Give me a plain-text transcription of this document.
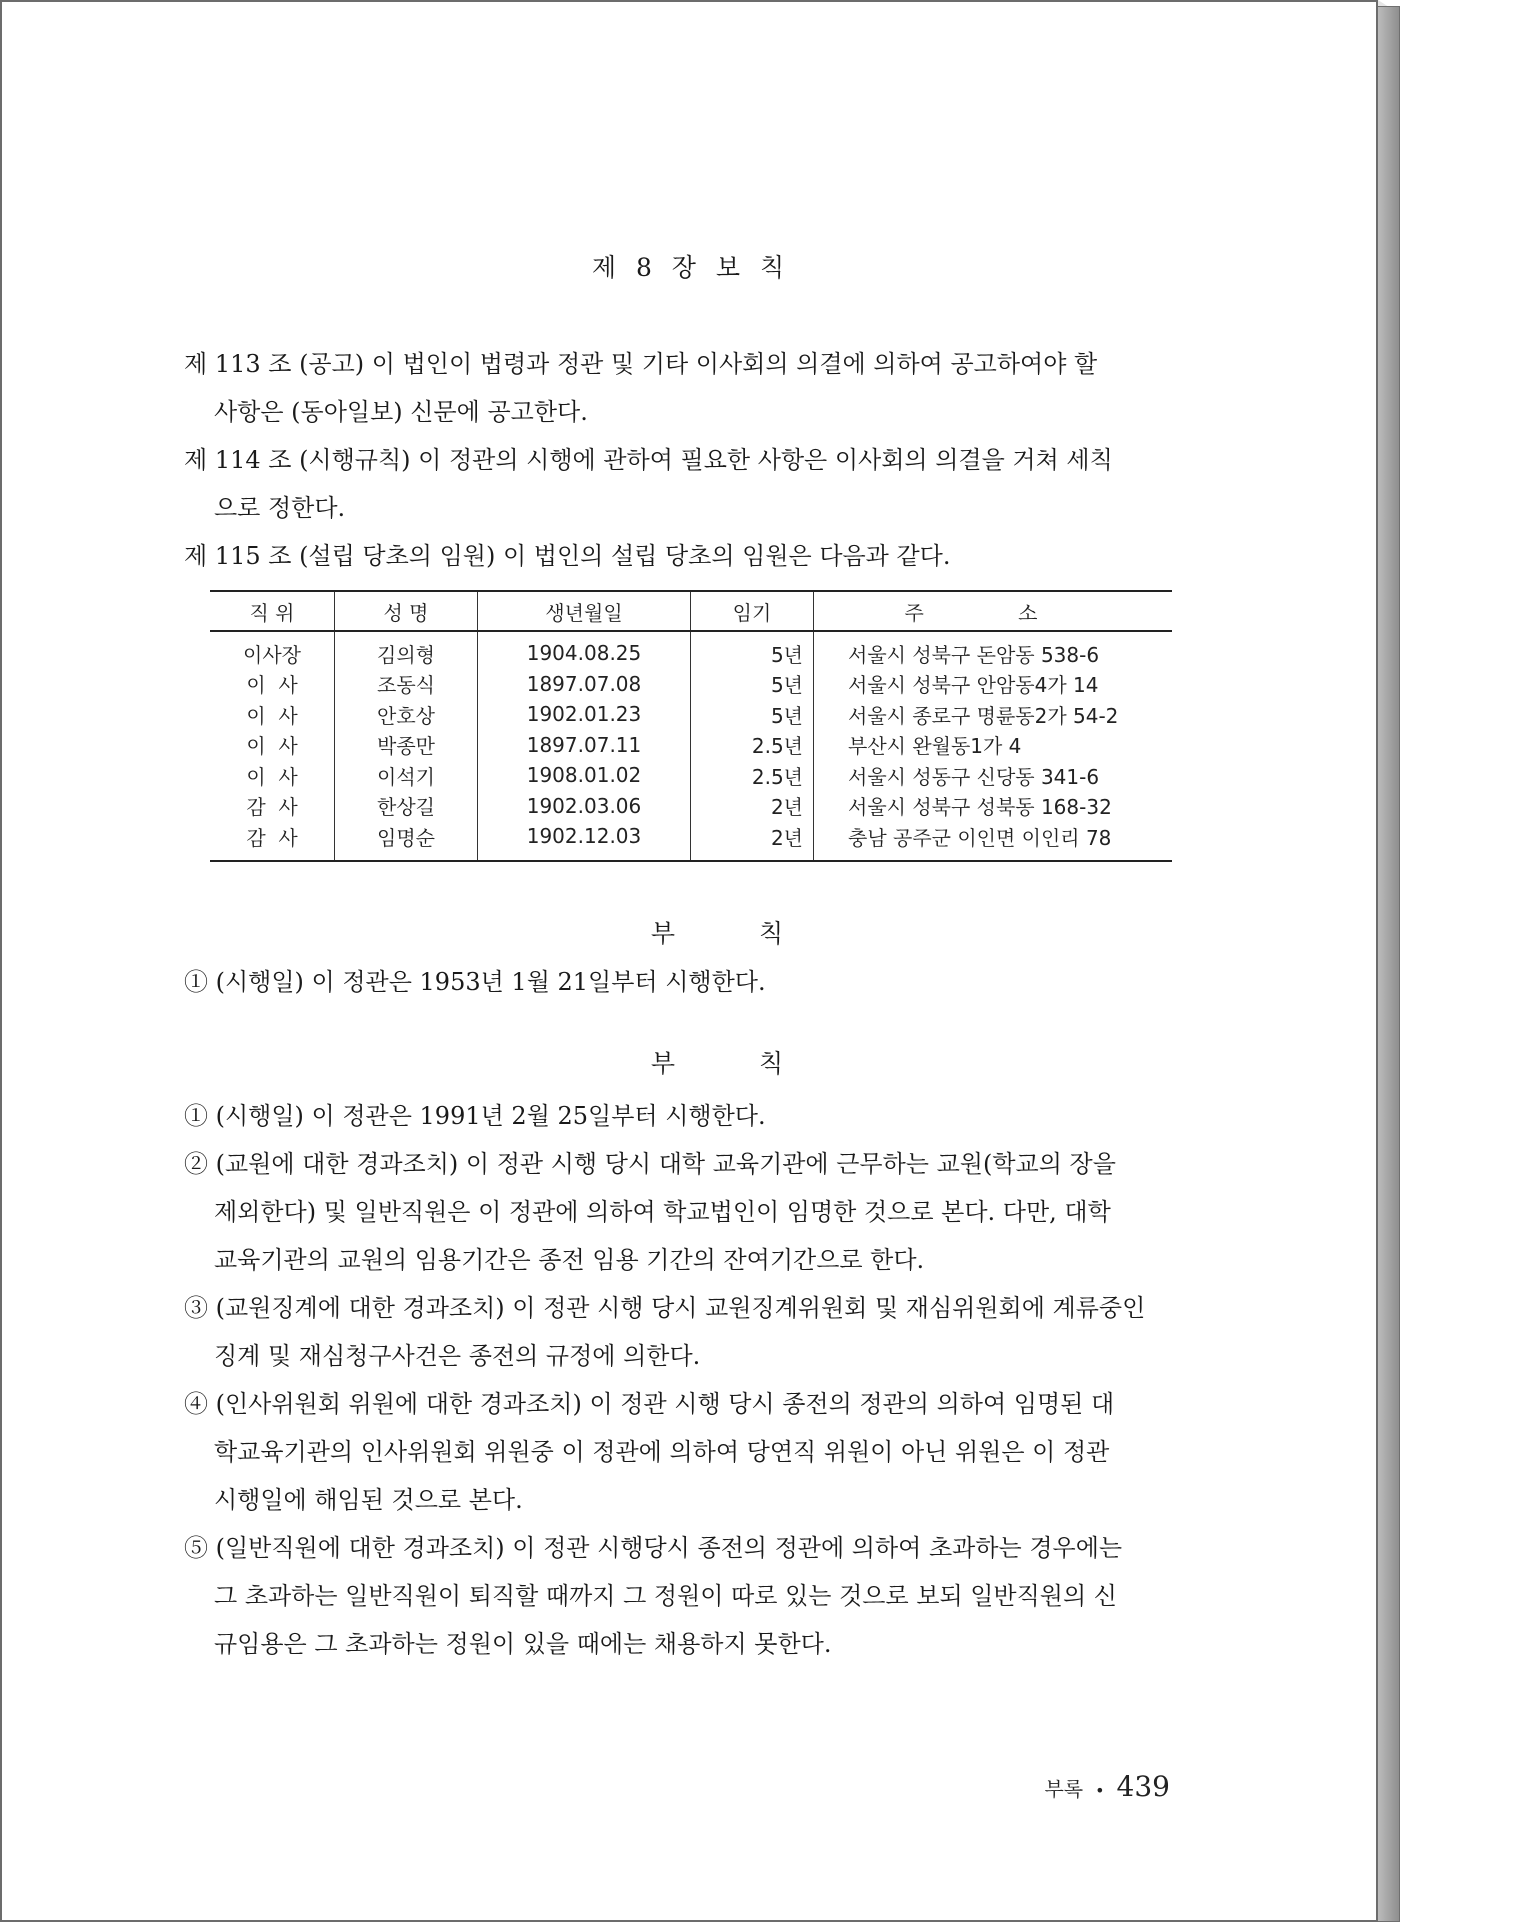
제 8 장 보 칙
제 113 조 (공고) 이 법인이 법령과 정관 및 기타 이사회의 의결에 의하여 공고하여야 할
사항은 (동아일보) 신문에 공고한다.
제 114 조 (시행규칙) 이 정관의 시행에 관하여 필요한 사항은 이사회의 의결을 거쳐 세칙
으로 정한다.
제 115 조 (설립 당초의 임원) 이 법인의 설립 당초의 임원은 다음과 같다.
직 위	성 명	생년월일	임기	주 소
이사장	김의형	1904.08.25	5년	서울시 성북구 돈암동 538-6
이  사	조동식	1897.07.08	5년	서울시 성북구 안암동4가 14
이  사	안호상	1902.01.23	5년	서울시 종로구 명륜동2가 54-2
이  사	박종만	1897.07.11	2.5년	부산시 완월동1가 4
이  사	이석기	1908.01.02	2.5년	서울시 성동구 신당동 341-6
감  사	한상길	1902.03.06	2년	서울시 성북구 성북동 168-32
감  사	임명순	1902.12.03	2년	충남 공주군 이인면 이인리 78
부 칙
① (시행일) 이 정관은 1953년 1월 21일부터 시행한다.
부 칙
① (시행일) 이 정관은 1991년 2월 25일부터 시행한다.
② (교원에 대한 경과조치) 이 정관 시행 당시 대학 교육기관에 근무하는 교원(학교의 장을
제외한다) 및 일반직원은 이 정관에 의하여 학교법인이 임명한 것으로 본다. 다만, 대학
교육기관의 교원의 임용기간은 종전 임용 기간의 잔여기간으로 한다.
③ (교원징계에 대한 경과조치) 이 정관 시행 당시 교원징계위원회 및 재심위원회에 계류중인
징계 및 재심청구사건은 종전의 규정에 의한다.
④ (인사위원회 위원에 대한 경과조치) 이 정관 시행 당시 종전의 정관의 의하여 임명된 대
학교육기관의 인사위원회 위원중 이 정관에 의하여 당연직 위원이 아닌 위원은 이 정관
시행일에 해임된 것으로 본다.
⑤ (일반직원에 대한 경과조치) 이 정관 시행당시 종전의 정관에 의하여 초과하는 경우에는
그 초과하는 일반직원이 퇴직할 때까지 그 정원이 따로 있는 것으로 보되 일반직원의 신
규임용은 그 초과하는 정원이 있을 때에는 채용하지 못한다.
부록 • 439
